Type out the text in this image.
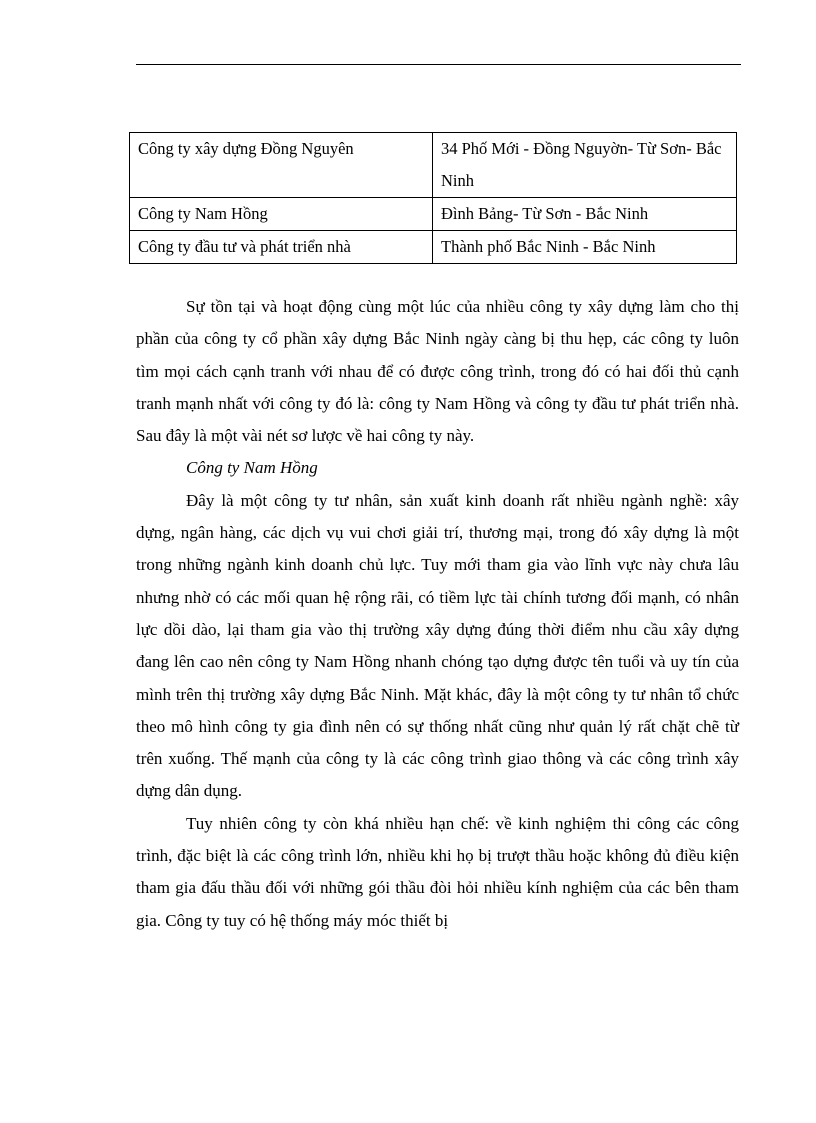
Công ty xây dựng Đồng Nguyên	34 Phố Mới - Đồng Nguyờn- Từ Sơn- Bắc Ninh
Công ty Nam Hồng	Đình Bảng- Từ Sơn - Bắc Ninh
Công ty đầu tư và phát triển nhà	Thành phố Bắc Ninh - Bắc Ninh

Sự tồn tại và hoạt động cùng một lúc của nhiều công ty xây dựng làm cho thị phần của công ty cổ phần xây dựng Bắc Ninh ngày càng bị thu hẹp, các công ty luôn tìm mọi cách cạnh tranh với nhau để có được công trình, trong đó có hai đối thủ cạnh tranh mạnh nhất với công ty đó là: công ty Nam Hồng và công ty đầu tư phát triển nhà. Sau đây là một vài nét sơ lược về hai công ty này.

Công ty Nam Hồng

Đây là một công ty tư nhân, sản xuất kinh doanh rất nhiều ngành nghề: xây dựng, ngân hàng, các dịch vụ vui chơi giải trí, thương mại, trong đó xây dựng là một trong những ngành kinh doanh chủ lực. Tuy mới tham gia vào lĩnh vực này chưa lâu nhưng nhờ có các mối quan hệ rộng rãi, có tiềm lực tài chính tương đối mạnh, có nhân lực dồi dào, lại tham gia vào thị trường xây dựng đúng thời điểm nhu cầu xây dựng đang lên cao nên công ty Nam Hồng nhanh chóng tạo dựng được tên tuổi và uy tín của mình trên thị trường xây dựng Bắc Ninh. Mặt khác, đây là một công ty tư nhân tổ chức theo mô hình công ty gia đình nên có sự thống nhất cũng như quản lý rất chặt chẽ từ trên xuống. Thế mạnh của công ty là các công trình giao thông và các công trình xây dựng dân dụng.

Tuy nhiên công ty còn khá nhiều hạn chế: về kinh nghiệm thi công các công trình, đặc biệt là các công trình lớn, nhiều khi họ bị trượt thầu hoặc không đủ điều kiện tham gia đấu thầu đối với những gói thầu đòi hỏi nhiều kính nghiệm của các bên tham gia. Công ty tuy có hệ thống máy móc thiết bị
